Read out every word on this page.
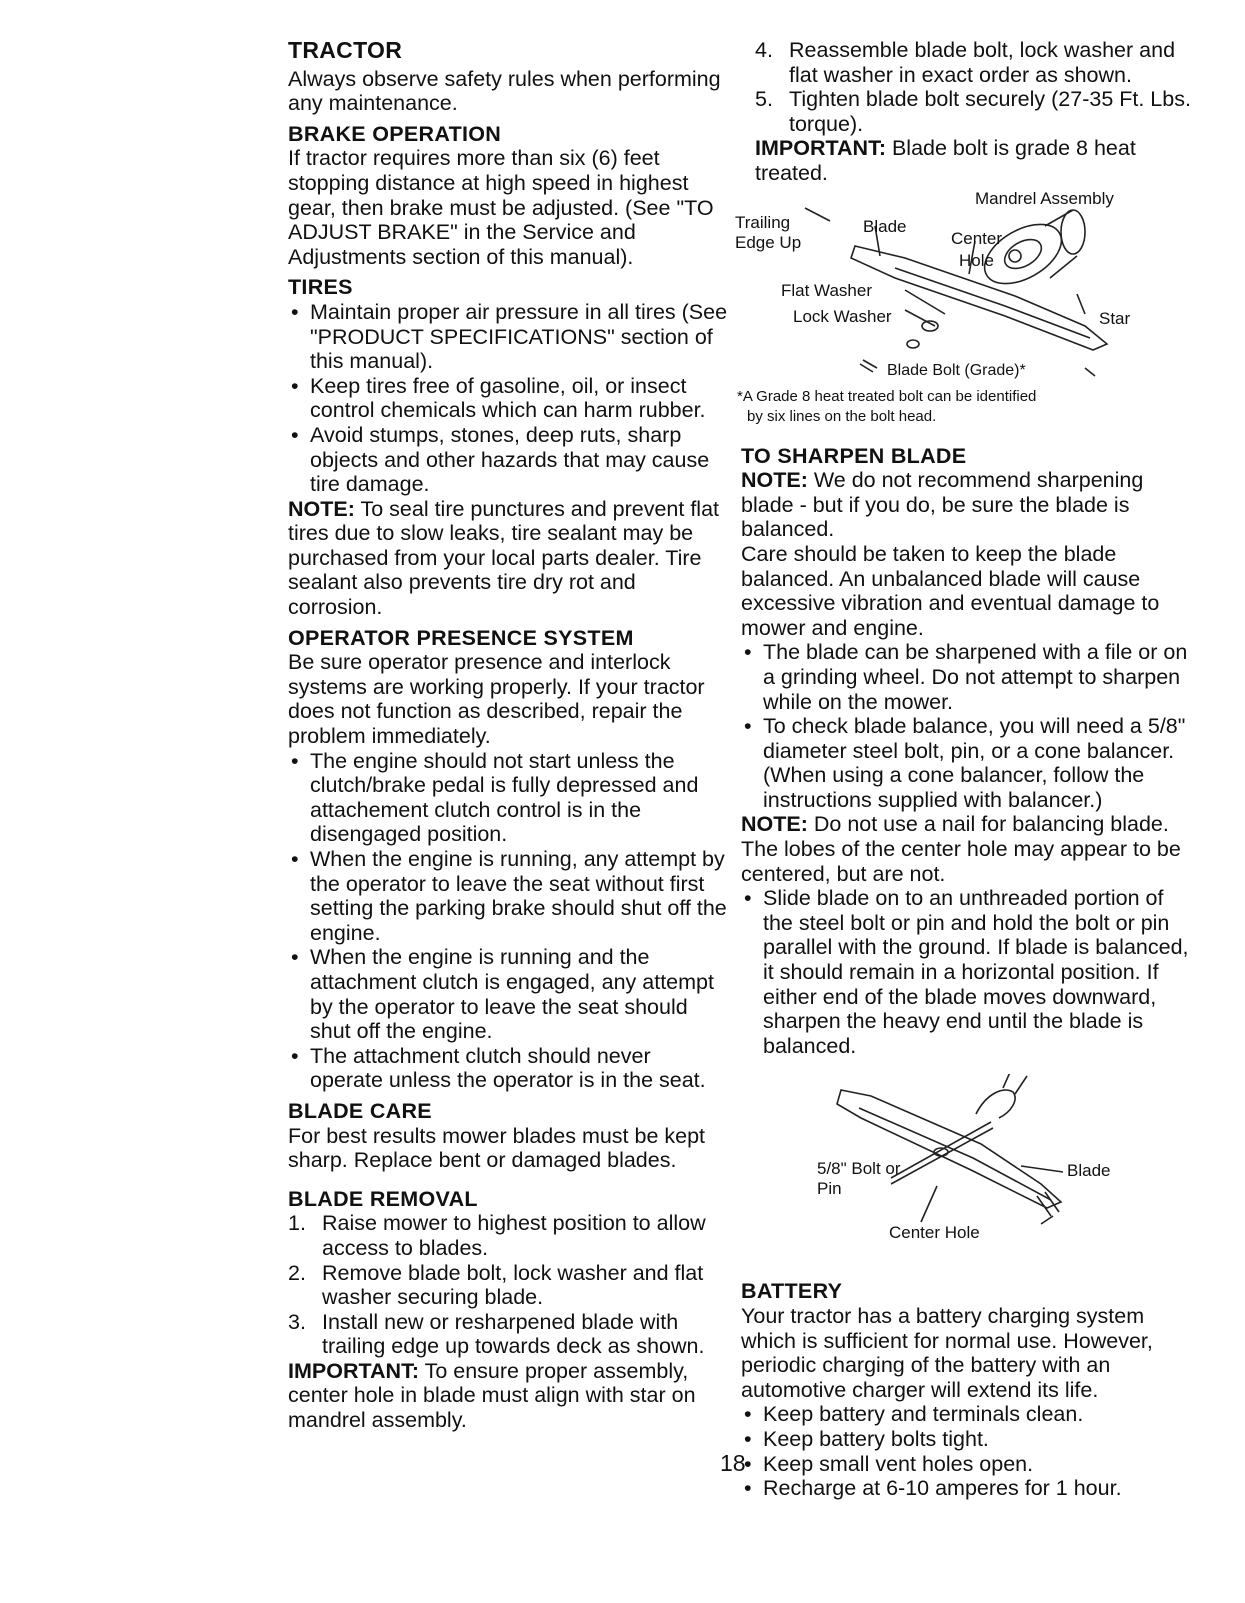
TRACTOR

Always observe safety rules when performing any maintenance.

BRAKE OPERATION

If tractor requires more than six (6) feet stopping distance at high speed in highest gear, then brake must be adjusted. (See "TO ADJUST BRAKE" in the Service and Adjustments section of this manual).

TIRES
• Maintain proper air pressure in all tires (See "PRODUCT SPECIFICATIONS" section of this manual).
• Keep tires free of gasoline, oil, or insect control chemicals which can harm rubber.
• Avoid stumps, stones, deep ruts, sharp objects and other hazards that may cause tire damage.

NOTE: To seal tire punctures and prevent flat tires due to slow leaks, tire sealant may be purchased from your local parts dealer. Tire sealant also prevents tire dry rot and corrosion.

OPERATOR PRESENCE SYSTEM

Be sure operator presence and interlock systems are working properly. If your tractor does not function as described, repair the problem immediately.

• The engine should not start unless the clutch/brake pedal is fully depressed and attachement clutch control is in the disengaged position.
• When the engine is running, any attempt by the operator to leave the seat without first setting the parking brake should shut off the engine.
• When the engine is running and the attachment clutch is engaged, any attempt by the operator to leave the seat should shut off the engine.
• The attachment clutch should never operate unless the operator is in the seat.
BLADE CARE

For best results mower blades must be kept sharp. Replace bent or damaged blades.

BLADE REMOVAL
1. Raise mower to highest position to allow access to blades.
2. Remove blade bolt, lock washer and flat washer securing blade.
3. Install new or resharpened blade with trailing edge up towards deck as shown.

IMPORTANT: To ensure proper assembly, center hole in blade must align with star on mandrel assembly.

4. Reassemble blade bolt, lock washer and flat washer in exact order as shown.
5. Tighten blade bolt securely (27-35 Ft. Lbs. torque).

IMPORTANT: Blade bolt is grade 8 heat treated.

Mandrel Assembly
Trailing
Edge Up
Blade
Center
Hole
Flat Washer
Lock Washer	Star
Blade Bolt (Grade)*

*A Grade 8 heat treated bolt can be identified

by six lines on the bolt head.

TO SHARPEN BLADE

NOTE: We do not recommend sharpening blade - but if you do, be sure the blade is balanced.

Care should be taken to keep the blade balanced. An unbalanced blade will cause excessive vibration and eventual damage to mower and engine.

• The blade can be sharpened with a file or on a grinding wheel. Do not attempt to sharpen while on the mower.
• To check blade balance, you will need a 5/8" diameter steel bolt, pin, or a cone balancer. (When using a cone balancer, follow the instructions supplied with balancer.)

NOTE: Do not use a nail for balancing blade. The lobes of the center hole may appear to be centered, but are not.

• Slide blade on to an unthreaded portion of the steel bolt or pin and hold the bolt or pin parallel with the ground. If blade is balanced, it should remain in a horizontal position. If either end of the blade moves downward, sharpen the heavy end until the blade is balanced.
5/8" Bolt or
Pin
Blade
Center Hole
BATTERY

Your tractor has a battery charging system which is sufficient for normal use. However, periodic charging of the battery with an automotive charger will extend its life.

• Keep battery and terminals clean.
• Keep battery bolts tight.
• Keep small vent holes open.
• Recharge at 6-10 amperes for 1 hour.
18
